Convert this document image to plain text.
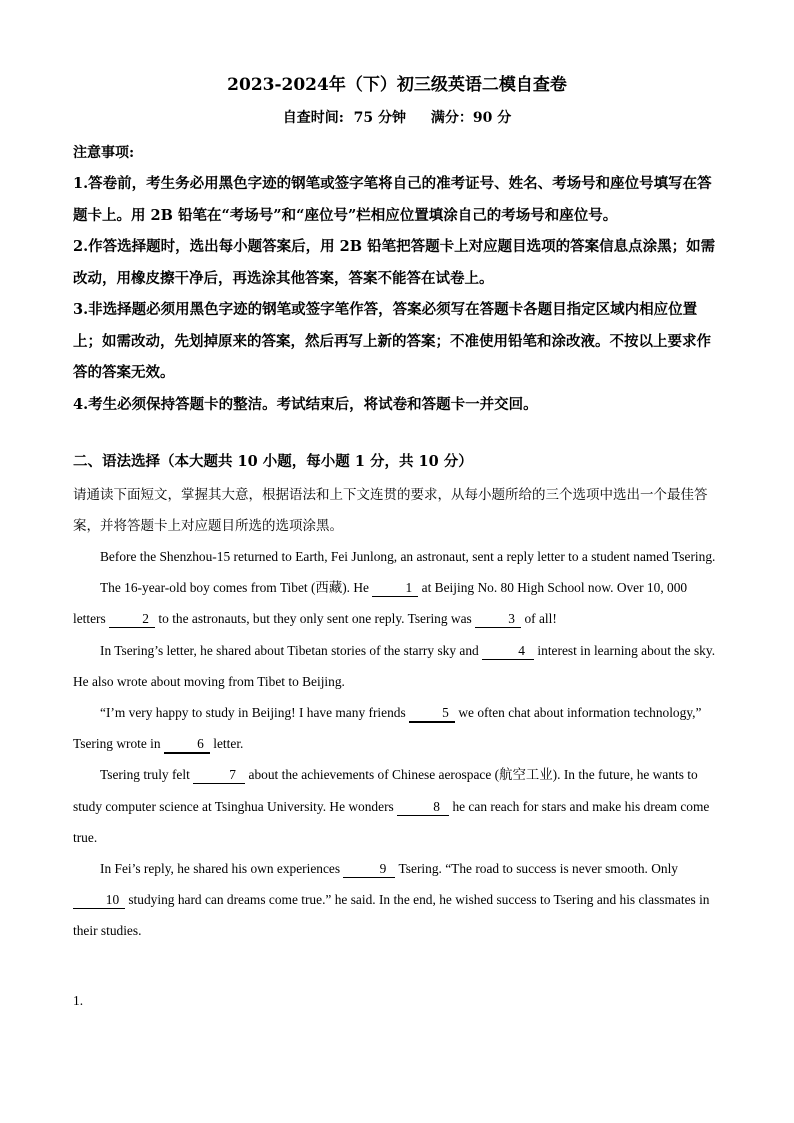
2023-2024年（下）初三级英语二模自查卷
自查时间: 75 分钟 满分：90 分
注意事项:

1.答卷前，考生务必用黑色字迹的钢笔或签字笔将自己的准考证号、姓名、考场号和座位号填写在答题卡上。用 2B 铅笔在“考场号”和“座位号”栏相应位置填涂自己的考场号和座位号。

2.作答选择题时，选出每小题答案后，用 2B 铅笔把答题卡上对应题目选项的答案信息点涂黑；如需改动，用橡皮擦干净后，再选涂其他答案，答案不能答在试卷上。

3.非选择题必须用黑色字迹的钢笔或签字笔作答，答案必须写在答题卡各题目指定区域内相应位置上；如需改动，先划掉原来的答案，然后再写上新的答案；不准使用铅笔和涂改液。不按以上要求作答的答案无效。

4.考生必须保持答题卡的整洁。考试结束后，将试卷和答题卡一并交回。

二、语法选择（本大题共 10 小题，每小题 1 分，共 10 分）
请通读下面短文，掌握其大意，根据语法和上下文连贯的要求，从每小题所给的三个选项中选出一个最佳答案，并将答题卡上对应题目所选的选项涂黑。

Before the Shenzhou-15 returned to Earth, Fei Junlong, an astronaut, sent a reply letter to a student named Tsering.

The 16-year-old boy comes from Tibet (西藏). He 1 at Beijing No. 80 High School now. Over 10, 000 letters 2 to the astronauts, but they only sent one reply. Tsering was 3 of all!

In Tsering’s letter, he shared about Tibetan stories of the starry sky and	4 interest in learning about the sky. He also wrote about moving from Tibet to Beijing.

“I’m very happy to study in Beijing! I have many friends 5 we often chat about information technology,” Tsering wrote in 6 letter.

Tsering truly felt	7 about the achievements of Chinese aerospace (航空工业). In the future, he wants to study computer science at Tsinghua University. He wonders	8 he can reach for stars and make his dream come true.

In Fei’s reply, he shared his own experiences	9 Tsering. “The road to success is never smooth. Only 10 studying hard can dreams come true.” he said. In the end, he wished success to Tsering and his classmates in their studies.

1.
